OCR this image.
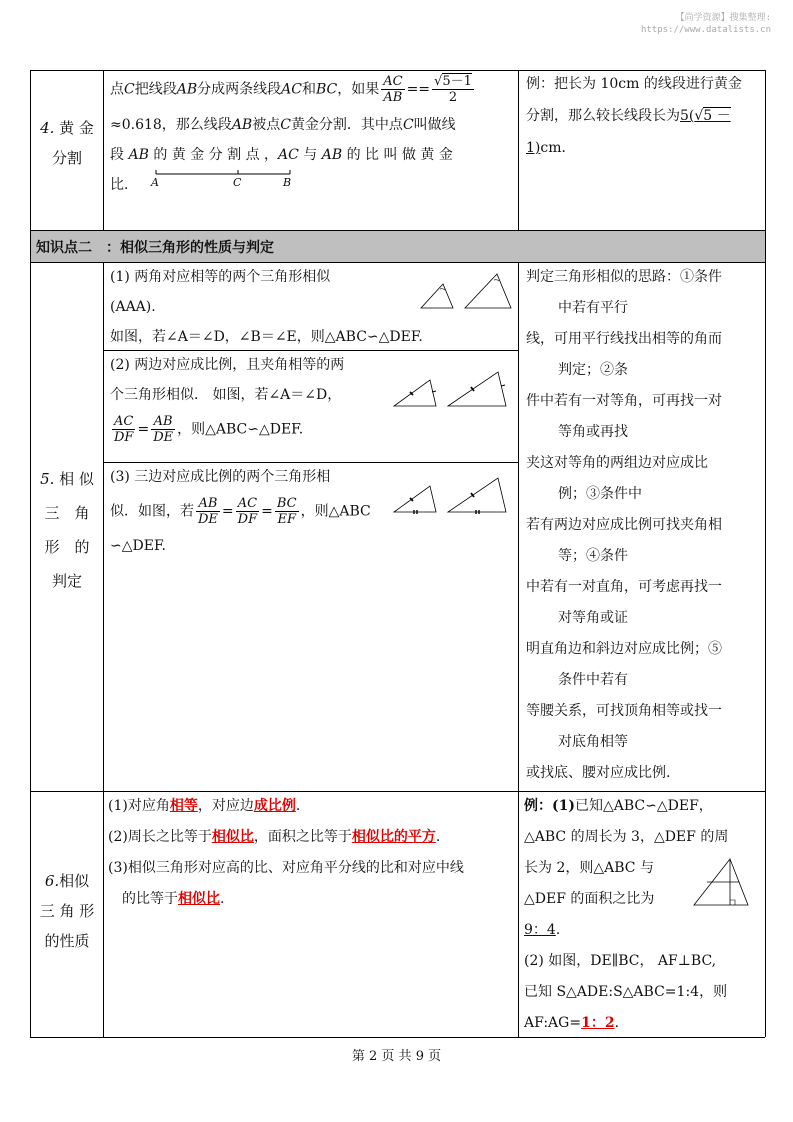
【尚学资源】搜集整理:
https://www.datalists.cn
4. 黄 金
分割
点C把线段AB分成两条线段AC和BC，如果 $\frac{AC}{AB} == \frac{√5-1}{2}$
≈0.618，那么线段AB被点C黄金分割．其中点C叫做线
段 AB 的 黄 金 分 割 点 ，AC 与 AB 的 比 叫 做 黄 金
比． A	C	B
例：把长为 10cm 的线段进行黄金
分割，那么较长线段长为5(√5 －
1)cm．
知识点二　：相似三角形的性质与判定
5. 相 似
三　角
形　的
判定
(1) 两角对应相等的两个三角形相似
(AAA).
如图，若∠A＝∠D，∠B＝∠E，则△ABC∽△DEF.
(2) 两边对应成比例，且夹角相等的两
个三角形相似． 如图，若∠A＝∠D，
$\frac{AC}{DF} = \frac{AB}{DE}$ ，则△ABC∽△DEF.
(3) 三边对应成比例的两个三角形相
似．如图，若 $\frac{AB}{DE} = \frac{AC}{DF} = \frac{BC}{EF}$ ，则△ABC
∽△DEF.
判定三角形相似的思路：①条件
中若有平行
线，可用平行线找出相等的角而
判定；②条
件中若有一对等角，可再找一对
等角或再找
夹这对等角的两组边对应成比
例；③条件中
若有两边对应成比例可找夹角相
等；④条件
中若有一对直角，可考虑再找一
对等角或证
明直角边和斜边对应成比例；⑤
条件中若有
等腰关系，可找顶角相等或找一
对底角相等
或找底、腰对应成比例.
6.相似
三 角 形
的性质
(1)对应角相等，对应边成比例.
(2)周长之比等于相似比，面积之比等于相似比的平方.
(3)相似三角形对应高的比、对应角平分线的比和对应中线
的比等于相似比.
例：(1)已知△ABC∽△DEF，
△ABC 的周长为 3，△DEF 的周
长为 2，则△ABC 与
△DEF 的面积之比为
9：4.
(2) 如图，DE∥BC， AF⊥BC,
已知 S△ADE:S△ABC=1:4，则
AF:AG=1：2.
第 2 页 共 9 页
